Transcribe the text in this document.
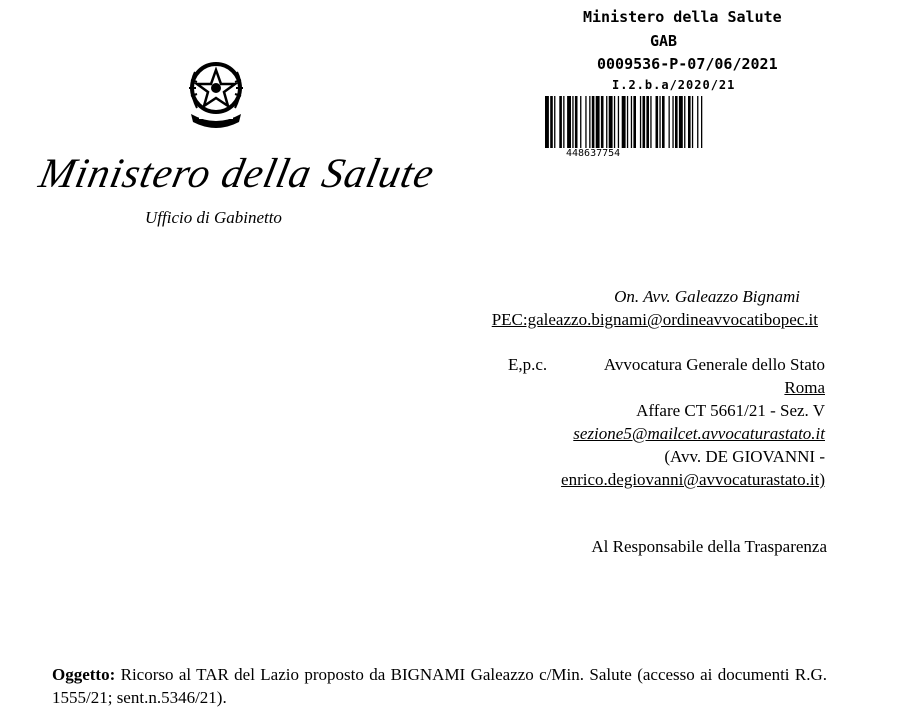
Ministero della Salute
GAB
0009536-P-07/06/2021
I.2.b.a/2020/21
448637754
Ministero della Salute
Ufficio di Gabinetto
On. Avv. Galeazzo Bignami
PEC:galeazzo.bignami@ordineavvocatibopec.it
E,p.c.	Avvocatura Generale dello Stato
Roma
Affare CT 5661/21 - Sez. V
sezione5@mailcet.avvocaturastato.it
(Avv. DE GIOVANNI -
enrico.degiovanni@avvocaturastato.it)
Al Responsabile della Trasparenza

Oggetto: Ricorso al TAR del Lazio proposto da BIGNAMI Galeazzo c/Min. Salute (accesso ai documenti R.G. 1555/21; sent.n.5346/21).
